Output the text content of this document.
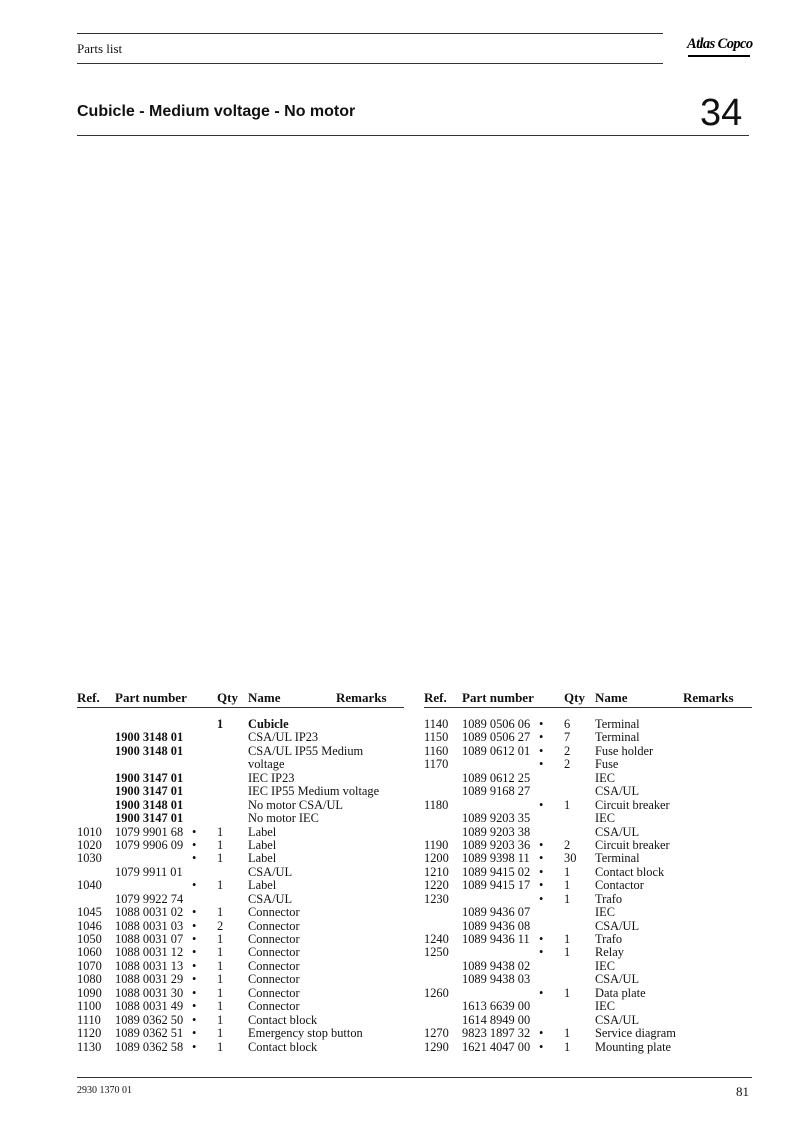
Parts list	Atlas Copco
Cubicle - Medium voltage - No motor	34
Ref. Part number Qty Name	Remarks	Ref. Part number Qty Name	Remarks
1 Cubicle
1900 3148 01	CSA/UL IP23
1900 3148 01	CSA/UL IP55 Medium
voltage
1900 3147 01	IEC IP23
1900 3147 01	IEC IP55 Medium voltage
1900 3148 01	No motor CSA/UL
1900 3147 01	No motor IEC
1010 1079 9901 68 • 1 Label
1020 1079 9906 09 • 1 Label
1030	• 1 Label
1079 9911 01	CSA/UL
1040	• 1 Label
1079 9922 74	CSA/UL
1045 1088 0031 02 • 1 Connector
1046 1088 0031 03 • 2 Connector
1050 1088 0031 07 • 1 Connector
1060 1088 0031 12 • 1 Connector
1070 1088 0031 13 • 1 Connector
1080 1088 0031 29 • 1 Connector
1090 1088 0031 30 • 1 Connector
1100 1088 0031 49 • 1 Connector
1110 1089 0362 50 • 1 Contact block
1120 1089 0362 51 • 1 Emergency stop button
1130 1089 0362 58 • 1 Contact block
1140 1089 0506 06 • 6 Terminal
1150 1089 0506 27 • 7 Terminal
1160 1089 0612 01 • 2 Fuse holder
1170	• 2 Fuse
1089 0612 25	IEC
1089 9168 27	CSA/UL
1180	• 1 Circuit breaker
1089 9203 35	IEC
1089 9203 38	CSA/UL
1190 1089 9203 36 • 2 Circuit breaker
1200 1089 9398 11 • 30 Terminal
1210 1089 9415 02 • 1 Contact block
1220 1089 9415 17 • 1 Contactor
1230	• 1 Trafo
1089 9436 07	IEC
1089 9436 08	CSA/UL
1240 1089 9436 11 • 1 Trafo
1250	• 1 Relay
1089 9438 02	IEC
1089 9438 03	CSA/UL
1260	• 1 Data plate
1613 6639 00	IEC
1614 8949 00	CSA/UL
1270 9823 1897 32 • 1 Service diagram
1290 1621 4047 00 • 1 Mounting plate
2930 1370 01	81
